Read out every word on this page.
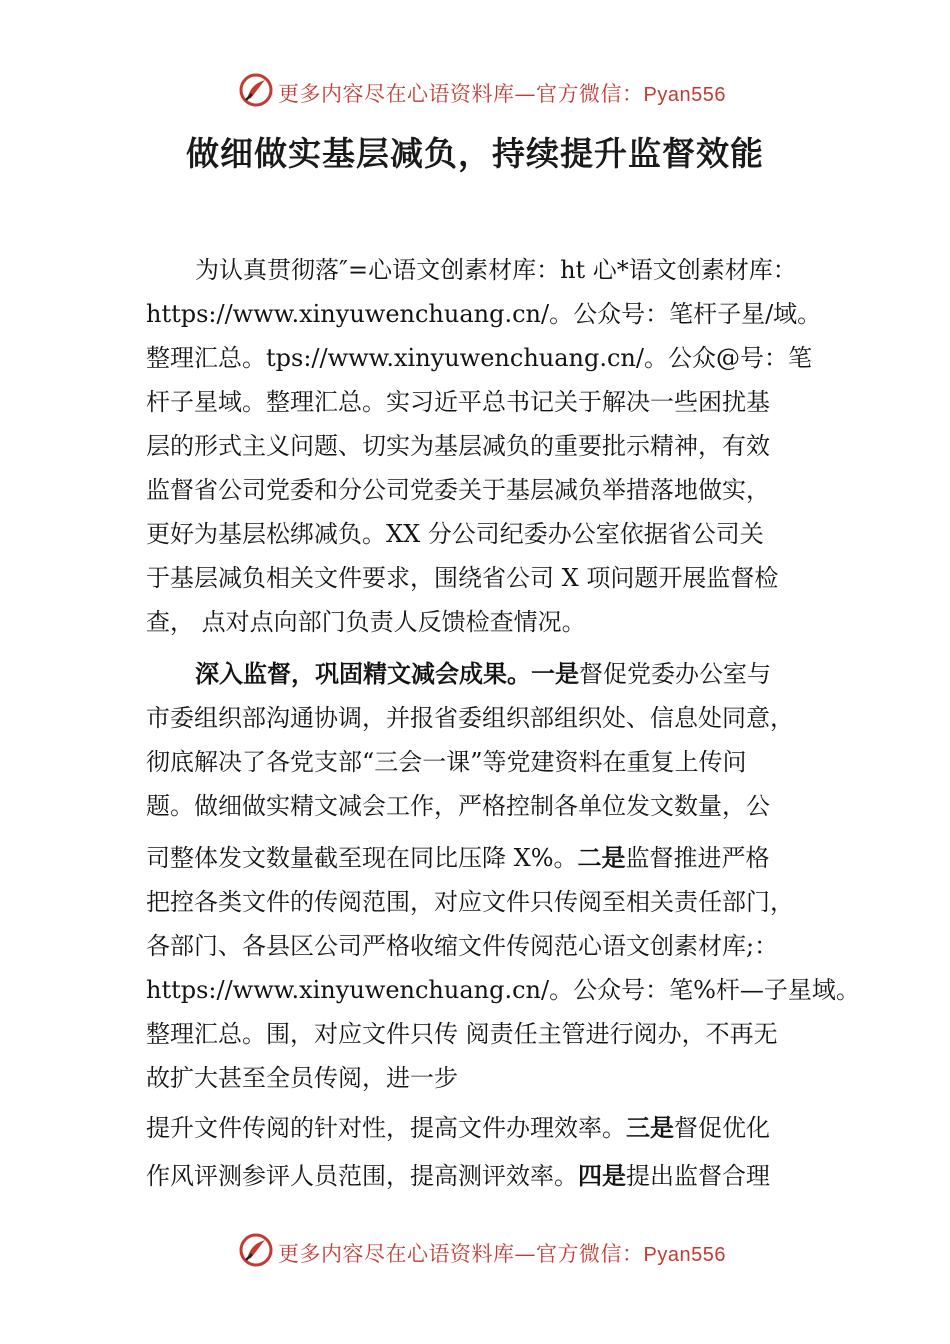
更多内容尽在心语资料库—官方微信：Pyan556
做细做实基层减负，持续提升监督效能
为认真贯彻落″=心语文创素材库：ht 心*语文创素材库：
https://www.xinyuwenchuang.cn/。公众号：笔杆子星/域。
整理汇总。tps://www.xinyuwenchuang.cn/。公众@号：笔
杆子星域。整理汇总。实习近平总书记关于解决一些困扰基
层的形式主义问题、切实为基层减负的重要批示精神，有效
监督省公司党委和分公司党委关于基层减负举措落地做实，
更好为基层松绑减负。XX 分公司纪委办公室依据省公司关
于基层减负相关文件要求，围绕省公司 X 项问题开展监督检
查， 点对点向部门负责人反馈检查情况。
深入监督，巩固精文减会成果。一是督促党委办公室与
市委组织部沟通协调，并报省委组织部组织处、信息处同意，
彻底解决了各党支部“三会一课”等党建资料在重复上传问
题。做细做实精文减会工作，严格控制各单位发文数量，公
司整体发文数量截至现在同比压降 X%。二是监督推进严格
把控各类文件的传阅范围，对应文件只传阅至相关责任部门，
各部门、各县区公司严格收缩文件传阅范心语文创素材库;：
https://www.xinyuwenchuang.cn/。公众号：笔%杆—子星域。
整理汇总。围，对应文件只传 阅责任主管进行阅办，不再无
故扩大甚至全员传阅，进一步
提升文件传阅的针对性，提高文件办理效率。三是督促优化
作风评测参评人员范围，提高测评效率。四是提出监督合理
更多内容尽在心语资料库—官方微信：Pyan556
